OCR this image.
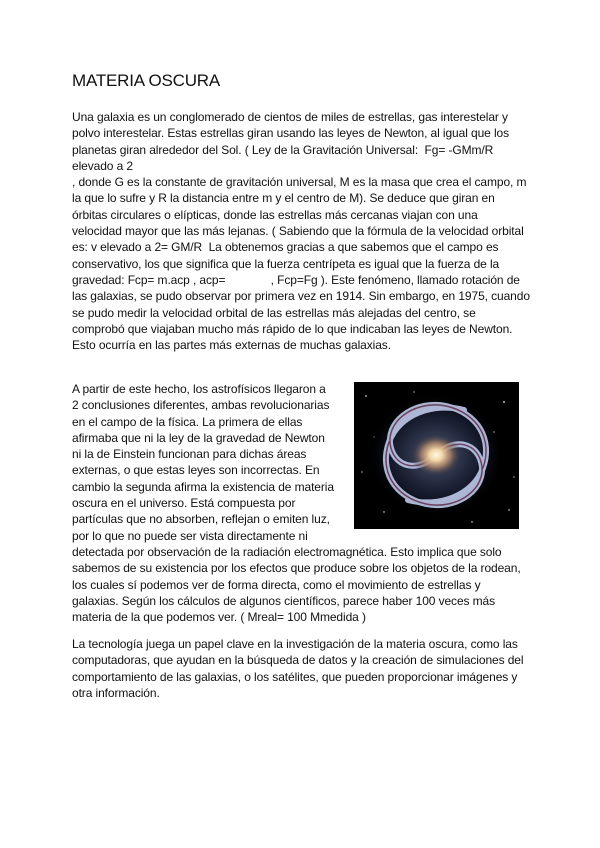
MATERIA OSCURA

Una galaxia es un conglomerado de cientos de miles de estrellas, gas interestelar y polvo interestelar. Estas estrellas giran usando las leyes de Newton, al igual que los planetas giran alrededor del Sol. ( Ley de la Gravitación Universal:  Fg= -GMm/R
elevado a 2
, donde G es la constante de gravitación universal, M es la masa que crea el campo, m la que lo sufre y R la distancia entre m y el centro de M). Se deduce que giran en órbitas circulares o elípticas, donde las estrellas más cercanas viajan con una velocidad mayor que las más lejanas. ( Sabiendo que la fórmula de la velocidad orbital es: v elevado a 2= GM/R  La obtenemos gracias a que sabemos que el campo es conservativo, los que significa que la fuerza centrípeta es igual que la fuerza de la gravedad: Fcp= m.acp , acp=              , Fcp=Fg ). Este fenómeno, llamado rotación de las galaxias, se pudo observar por primera vez en 1914. Sin embargo, en 1975, cuando se pudo medir la velocidad orbital de las estrellas más alejadas del centro, se comprobó que viajaban mucho más rápido de lo que indicaban las leyes de Newton. Esto ocurría en las partes más externas de muchas galaxias.

A partir de este hecho, los astrofísicos llegaron a
2 conclusiones diferentes, ambas revolucionarias
en el campo de la física. La primera de ellas
afirmaba que ni la ley de la gravedad de Newton
ni la de Einstein funcionan para dichas áreas
externas, o que estas leyes son incorrectas. En
cambio la segunda afirma la existencia de materia
oscura en el universo. Está compuesta por
partículas que no absorben, reflejan o emiten luz,
por lo que no puede ser vista directamente ni
detectada por observación de la radiación electromagnética. Esto implica que solo sabemos de su existencia por los efectos que produce sobre los objetos de la rodean, los cuales sí podemos ver de forma directa, como el movimiento de estrellas y galaxias. Según los cálculos de algunos científicos, parece haber 100 veces más materia de la que podemos ver. ( Mreal= 100 Mmedida )

La tecnología juega un papel clave en la investigación de la materia oscura, como las computadoras, que ayudan en la búsqueda de datos y la creación de simulaciones del comportamiento de las galaxias, o los satélites, que pueden proporcionar imágenes y otra información.
